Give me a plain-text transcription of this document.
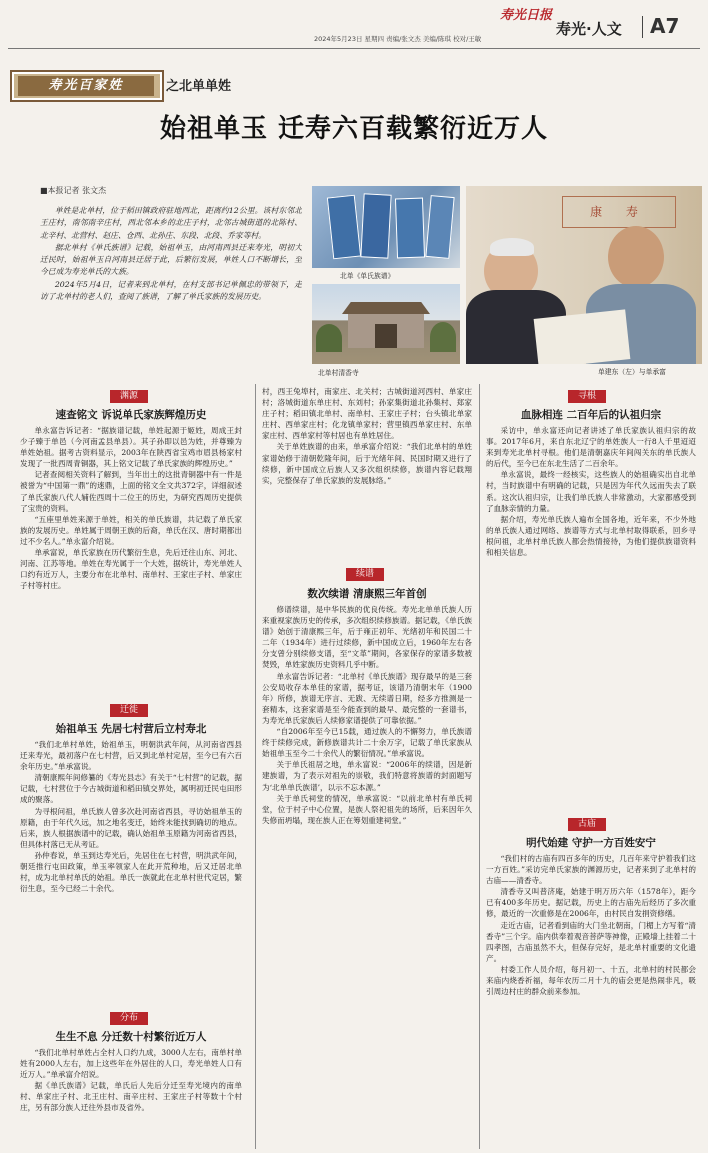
寿光日报
2024年5月23日 星期四 责编/张文杰 美编/陈琪 校对/王敏
寿光·人文 A7
寿光百家姓	之北单单姓
始祖单玉 迁寿六百载繁衍近万人
■本报记者 张文杰

单姓是北单村，位于稻田镇政府驻地西北，距离约12公里。该村东邻北王庄村，南邻南辛庄村，西北邻本乡的北庄子村，北邻古城街道的北陈村、北辛村、北营村、赵庄、仓西、北孙庄、东段、北段、乔家等村。

据北单村《单氏族谱》记载，始祖单玉，由河南西县迁来寿光，明初大迁民时，始祖单玉自河南县迁居于此，后繁衍发展，单姓人口不断增长，至今已成为寿光单氏的大族。

2024年5月4日，记者来到北单村，在村支部书记单佩忠的带领下，走访了北单村的老人们，查阅了族谱，了解了单氏家族的发展历史。

北单《单氏族谱》
北单村清香寺
康 寿
单建东（左）与单承富
渊源
速查铭文 诉说单氏家族辉煌历史

单永富告诉记者：“据族谱记载，单姓起源于姬姓，周成王封少子臻于单邑（今河南孟县单县）。其子孙即以邑为姓，并尊臻为单姓始祖。据考古资料显示，2003年在陕西省宝鸡市眉县杨家村发现了一批西周青铜器，其上铭文记载了单氏家族的辉煌历史。”

记者查阅相关资料了解到，当年出土的这批青铜器中有一件是被誉为“中国第一鼎”的逨鼎，上面的铭文全文共372字，详细叙述了单氏家族八代人辅佐西周十二位王的历史，为研究西周历史提供了宝贵的资料。

“五座里单姓来源于单姓，相关的单氏族谱，共记载了单氏家族的发展历史。单姓属于周朝王族的后裔，单氏在汉、唐时期都出过不少名人。”单永富介绍说。

单承富说，单氏家族在历代繁衍生息，先后迁往山东、河北、河南、江苏等地。单姓在寿光属于一个大姓，据统计，寿光单姓人口约有近万人，主要分布在北单村、南单村、王家庄子村、单家庄子村等村庄。

迁徙
始祖单玉 先居七村营后立村寿北

“我们北单村单姓，始祖单玉，明朝洪武年间，从河南省西县迁来寿光，最初落户在七村营，后又到北单村定居，至今已有六百余年历史。”单承富说。

清朝康熙年间修纂的《寿光县志》有关于“七村营”的记载，据记载，七村营位于今古城街道和稻田镇交界处，属明初迁民屯田形成的聚落。

为寻根问祖，单氏族人曾多次赴河南省西县，寻访始祖单玉的原籍，由于年代久远，加之地名变迁，始终未能找到确切的地点。后来，族人根据族谱中的记载，确认始祖单玉原籍为河南省西县，但具体村落已无从考证。

孙仲春说，单玉到达寿光后，先居住在七村营，明洪武年间，朝廷推行屯田政策，单玉率领家人在此开荒种地，后又迁居北单村，成为北单村单氏的始祖。单氏一族就此在北单村世代定居，繁衍生息，至今已经二十余代。

分布
生生不息 分迁数十村繁衍近万人

“我们北单村单姓占全村人口约九成，3000人左右，南单村单姓有2000人左右，加上这些年在外居住的人口，寿光单姓人口有近万人。”单承富介绍说。

据《单氏族谱》记载，单氏后人先后分迁至寿光境内的南单村、单家庄子村、北王庄村、南辛庄村、王家庄子村等数十个村庄，另有部分族人迁往外县市及省外。

村，西王兔埠村，南家庄、北关村；古城街道河西村、单家庄村；洛城街道东单庄村、东刘村；孙家集街道北孙集村、郑家庄子村；稻田镇北单村、南单村、王家庄子村；台头镇北单家庄村、西单家庄村；化龙镇单家村；营里镇西单家庄村、东单家庄村、西单家村等村居也有单姓居住。

关于单姓族谱的由来，单承富介绍说：“我们北单村的单姓家谱始修于清朝乾隆年间，后于光绪年间、民国时期又进行了续修，新中国成立后族人又多次组织续修，族谱内容记载翔实，完整保存了单氏家族的发展脉络。”

续谱
数次续谱 清康熙三年首创

修谱续谱，是中华民族的优良传统。寿光北单单氏族人历来重视家族历史的传承，多次组织续修族谱。据记载，《单氏族谱》始创于清康熙三年，后于雍正初年、光绪初年和民国二十二年（1934年）进行过续修，新中国成立后，1960年左右各分支曾分别续修支谱，至“文革”期间，各家保存的家谱多数被焚毁，单姓家族历史资料几乎中断。

单永富告诉记者：“北单村《单氏族谱》现存最早的是三套公安局收存本单佳的家谱，据考证，该谱乃清朝末年（1900年）所修，族谱无序言、无跋、无续谱日期，经多方推测是一套精本，这套家谱是至今能查到的最早、最完整的一套谱书，为寿光单氏家族后人续修家谱提供了可靠依据。”

“自2006年至今已15载，通过族人的不懈努力，单氏族谱终于续修完成，新修族谱共计二十余万字，记载了单氏家族从始祖单玉至今二十余代人的繁衍情况。”单承富说。

关于单氏祖居之地，单永富说：“2006年的续谱，因是新建族谱，为了表示对祖先的崇敬，我们特意将族谱的封面题写为‘北单单氏族谱’，以示不忘本源。”

关于单氏祠堂的情况，单承富说：“以前北单村有单氏祠堂，位于村子中心位置，是族人祭祀祖先的场所，后来因年久失修而坍塌，现在族人正在筹划重建祠堂。”

寻根
血脉相连 二百年后的认祖归宗

采访中，单永富还向记者讲述了单氏家族认祖归宗的故事。2017年6月，来自东北辽宁的单姓族人一行8人千里迢迢来到寿光北单村寻根。他们是清朝嘉庆年间闯关东的单氏族人的后代，至今已在东北生活了二百余年。

单永富说，最终一经核实，这些族人的始祖确实出自北单村，当时族谱中有明确的记载，只是因为年代久远而失去了联系。这次认祖归宗，让我们单氏族人非常激动，大家都感受到了血脉亲情的力量。

据介绍，寿光单氏族人遍布全国各地，近年来，不少外地的单氏族人通过网络、族谱等方式与北单村取得联系，回乡寻根问祖，北单村单氏族人都会热情接待，为他们提供族谱资料和相关信息。

古庙
明代始建 守护一方百姓安宁

“我们村的古庙有四百多年的历史，几百年来守护着我们这一方百姓。”采访完单氏家族的渊源历史，记者来到了北单村的古庙——清香寺。

清香寺又叫普济庵，始建于明万历六年（1578年），距今已有400多年历史。据记载，历史上的古庙先后经历了多次重修，最近的一次重修是在2006年，由村民自发捐资修缮。

走近古庙，记者看到庙的大门坐北朝南，门楣上方写着“清香寺”三个字。庙内供奉着观音菩萨等神像，正殿墙上挂着二十四孝图，古庙虽然不大，但保存完好，是北单村重要的文化遗产。

村委工作人员介绍，每月初一、十五，北单村的村民都会来庙内烧香祈福，每年农历二月十九的庙会更是热闹非凡，吸引周边村庄的群众前来参加。
